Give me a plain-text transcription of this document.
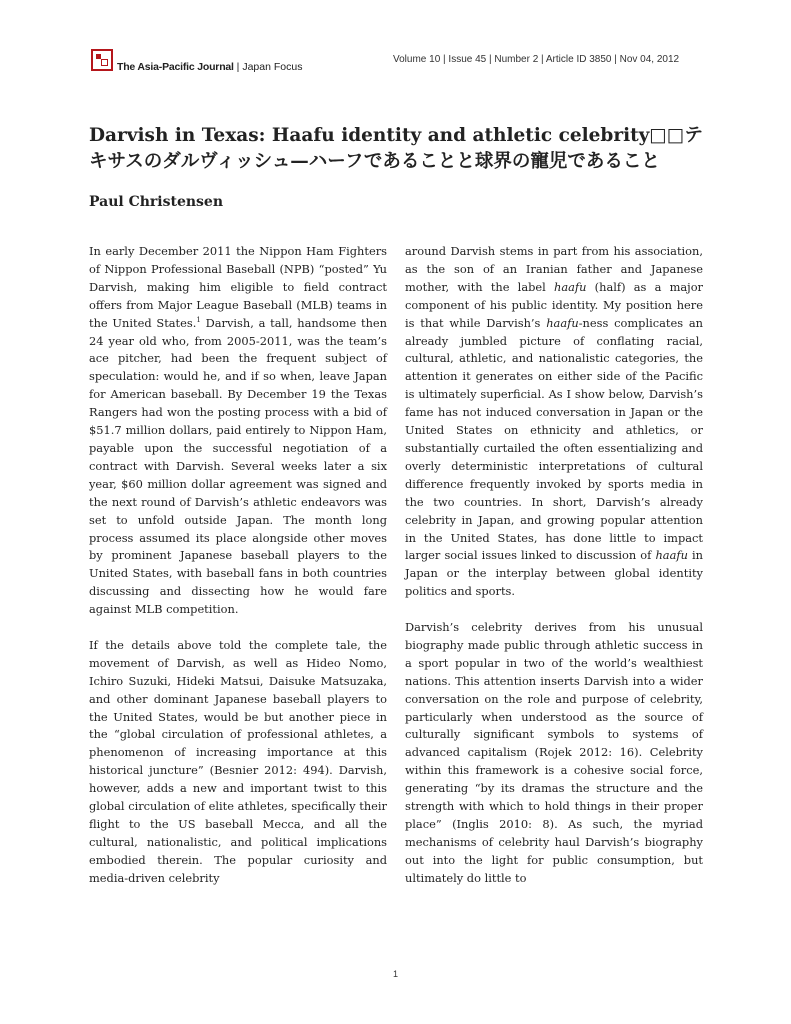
The Asia-Pacific Journal | Japan Focus
Volume 10 | Issue 45 | Number 2 | Article ID 3850 | Nov 04, 2012
Darvish in Texas: Haafu identity and athletic celebrity□□テキサスのダルヴィッシュ—ハーフであることと球界の寵児であること
Paul Christensen

In early December 2011 the Nippon Ham Fighters of Nippon Professional Baseball (NPB) “posted” Yu Darvish, making him eligible to field contract offers from Major League Baseball (MLB) teams in the United States.$^1$ Darvish, a tall, handsome then 24 year old who, from 2005-2011, was the team’s ace pitcher, had been the frequent subject of speculation: would he, and if so when, leave Japan for American baseball. By December 19 the Texas Rangers had won the posting process with a bid of $51.7 million dollars, paid entirely to Nippon Ham, payable upon the successful negotiation of a contract with Darvish. Several weeks later a six year, $60 million dollar agreement was signed and the next round of Darvish’s athletic endeavors was set to unfold outside Japan. The month long process assumed its place alongside other moves by prominent Japanese baseball players to the United States, with baseball fans in both countries discussing and dissecting how he would fare against MLB competition.

If the details above told the complete tale, the movement of Darvish, as well as Hideo Nomo, Ichiro Suzuki, Hideki Matsui, Daisuke Matsuzaka, and other dominant Japanese baseball players to the United States, would be but another piece in the “global circulation of professional athletes, a phenomenon of increasing importance at this historical juncture” (Besnier 2012: 494). Darvish, however, adds a new and important twist to this global circulation of elite athletes, specifically their flight to the US baseball Mecca, and all the cultural, nationalistic, and political implications embodied therein. The popular curiosity and media-driven celebrity

around Darvish stems in part from his association, as the son of an Iranian father and Japanese mother, with the label haafu (half) as a major component of his public identity. My position here is that while Darvish’s haafu-ness complicates an already jumbled picture of conflating racial, cultural, athletic, and nationalistic categories, the attention it generates on either side of the Pacific is ultimately superficial. As I show below, Darvish’s fame has not induced conversation in Japan or the United States on ethnicity and athletics, or substantially curtailed the often essentializing and overly deterministic interpretations of cultural difference frequently invoked by sports media in the two countries. In short, Darvish’s already celebrity in Japan, and growing popular attention in the United States, has done little to impact larger social issues linked to discussion of haafu in Japan or the interplay between global identity politics and sports.

Darvish’s celebrity derives from his unusual biography made public through athletic success in a sport popular in two of the world’s wealthiest nations. This attention inserts Darvish into a wider conversation on the role and purpose of celebrity, particularly when understood as the source of culturally significant symbols to systems of advanced capitalism (Rojek 2012: 16). Celebrity within this framework is a cohesive social force, generating “by its dramas the structure and the strength with which to hold things in their proper place” (Inglis 2010: 8). As such, the myriad mechanisms of celebrity haul Darvish’s biography out into the light for public consumption, but ultimately do little to

1
